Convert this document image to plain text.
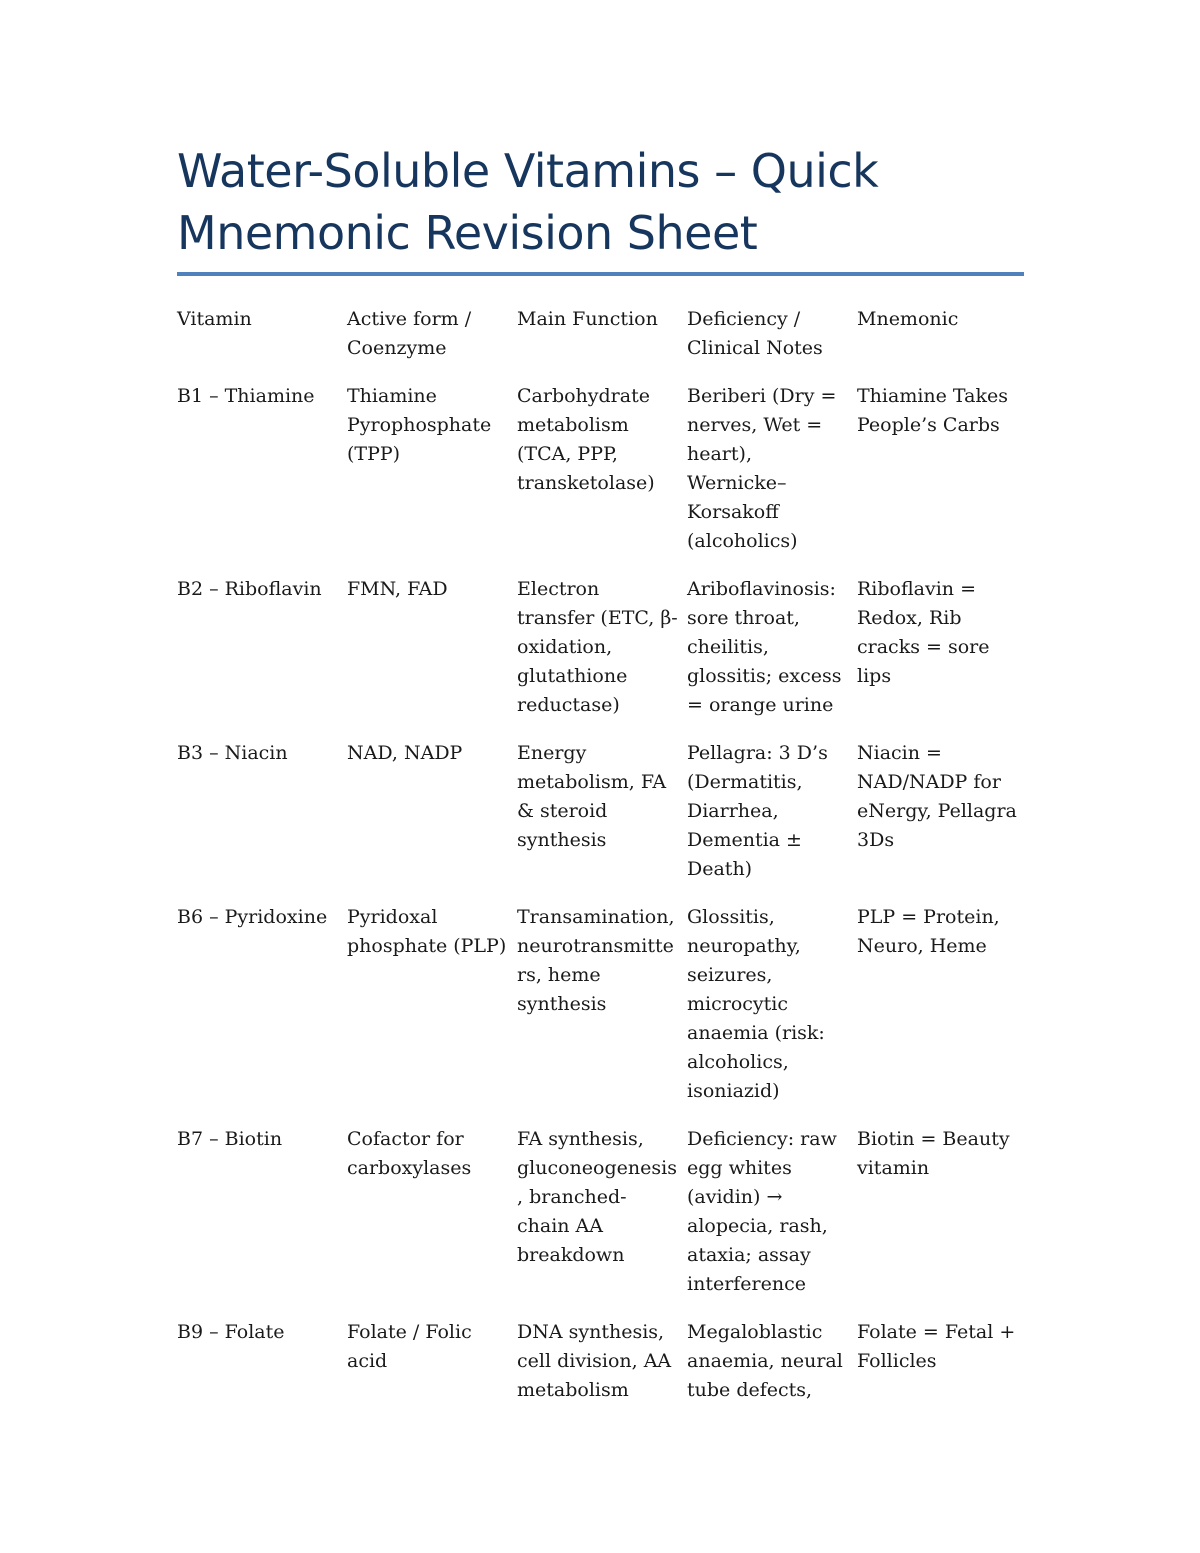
Water-Soluble Vitamins – Quick Mnemonic Revision Sheet
Vitamin	Active form / Coenzyme	Main Function	Deficiency / Clinical Notes	Mnemonic
B1 – Thiamine	Thiamine Pyrophosphate (TPP)	Carbohydrate metabolism (TCA, PPP, transketolase)	Beriberi (Dry = nerves, Wet = heart), Wernicke–Korsakoff (alcoholics)	Thiamine Takes People’s Carbs
B2 – Riboflavin	FMN, FAD	Electron transfer (ETC, β-oxidation, glutathione reductase)	Ariboflavinosis: sore throat, cheilitis, glossitis; excess = orange urine	Riboflavin = Redox, Rib cracks = sore lips
B3 – Niacin	NAD, NADP	Energy metabolism, FA & steroid synthesis	Pellagra: 3 D’s (Dermatitis, Diarrhea, Dementia ± Death)	Niacin = NAD/NADP for eNergy, Pellagra 3Ds
B6 – Pyridoxine	Pyridoxal phosphate (PLP)	Transamination, neurotransmitters, heme synthesis	Glossitis, neuropathy, seizures, microcytic anaemia (risk: alcoholics, isoniazid)	PLP = Protein, Neuro, Heme
B7 – Biotin	Cofactor for carboxylases	FA synthesis, gluconeogenesis, branched-chain AA breakdown	Deficiency: raw egg whites (avidin) → alopecia, rash, ataxia; assay interference	Biotin = Beauty vitamin
B9 – Folate	Folate / Folic acid	DNA synthesis, cell division, AA metabolism	Megaloblastic anaemia, neural tube defects,	Folate = Fetal + Follicles
